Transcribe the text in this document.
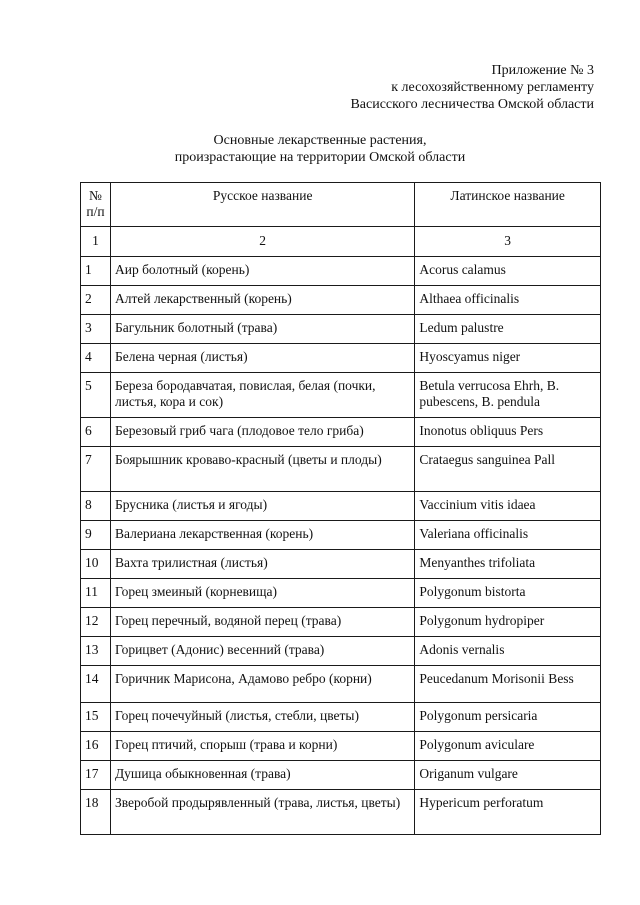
Приложение № 3
к лесохозяйственному регламенту
Васисского лесничества Омской области
Основные лекарственные растения,
произрастающие на территории Омской области
№
п/п	Русское название	Латинское название
1	2	3
1	Аир болотный (корень)	Acorus calamus
2	Алтей лекарственный (корень)	Althaea officinalis
3	Багульник болотный (трава)	Ledum palustre
4	Белена черная (листья)	Hyoscyamus niger
5	Береза бородавчатая, повислая, белая (почки, листья, кора и сок)	Betula verrucosa Ehrh, B. pubescens, B. pendula
6	Березовый гриб чага (плодовое тело гриба)	Inonotus obliquus Pers
7	Боярышник кроваво-красный (цветы и плоды)	Crataegus sanguinea Pall
8	Брусника (листья и ягоды)	Vaccinium vitis idaea
9	Валериана лекарственная (корень)	Valeriana officinalis
10	Вахта трилистная (листья)	Menyanthes trifoliata
11	Горец змеиный (корневища)	Polygonum bistorta
12	Горец перечный, водяной перец (трава)	Polygonum hydropiper
13	Горицвет (Адонис) весенний (трава)	Adonis vernalis
14	Горичник Марисона, Адамово ребро (корни)	Peucedanum Morisonii Bess
15	Горец почечуйный (листья, стебли, цветы)	Polygonum persicaria
16	Горец птичий, спорыш (трава и корни)	Polygonum aviculare
17	Душица обыкновенная (трава)	Origanum vulgare
18	Зверобой продырявленный (трава, листья, цветы)	Hypericum perforatum
